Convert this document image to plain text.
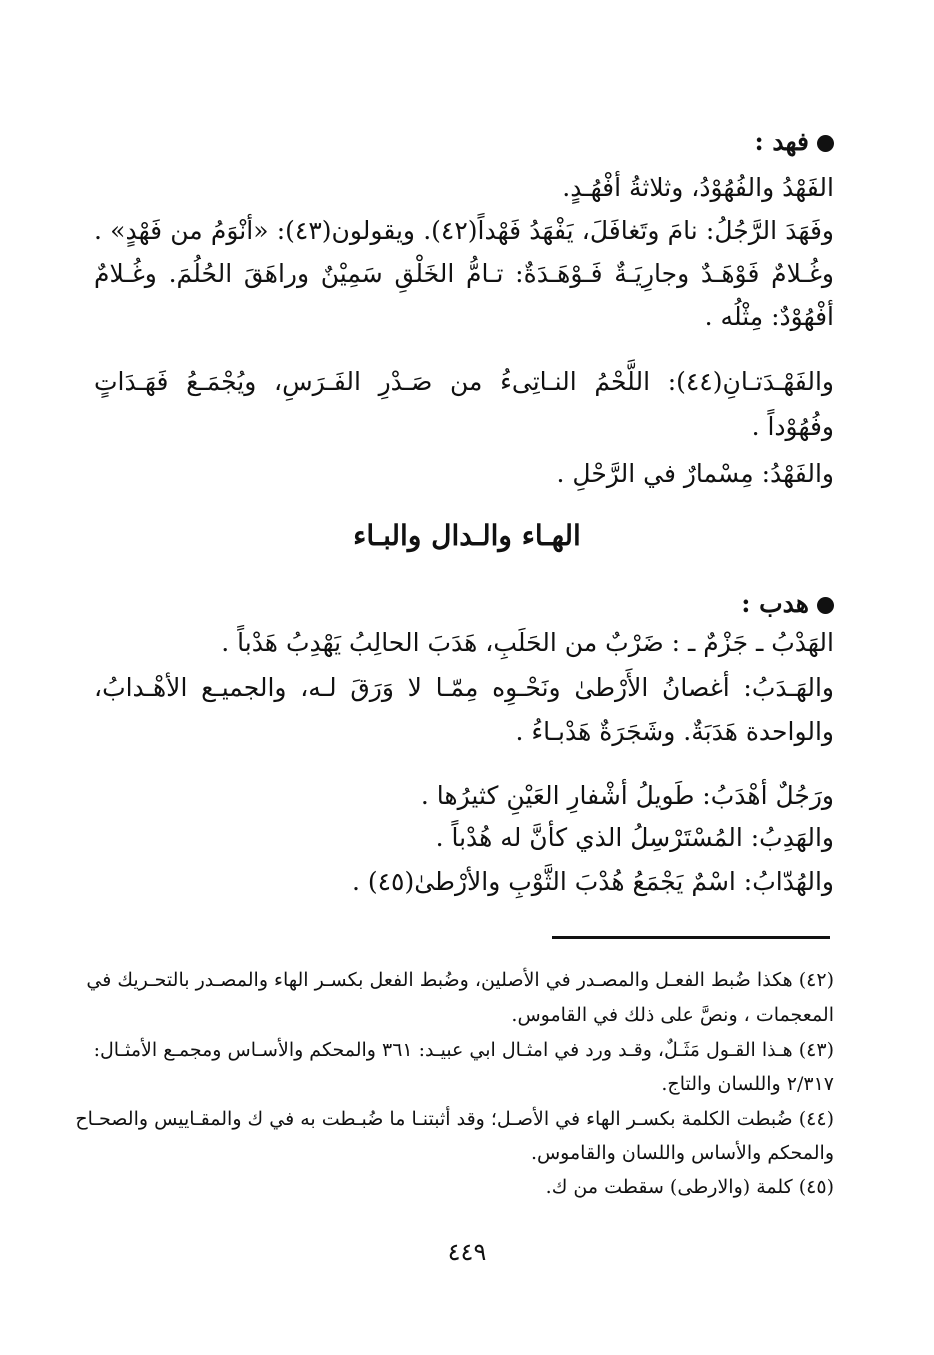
فهد :
الفَهْدُ والفُهُوْدُ، وثلاثةُ أفْهُـدٍ.
وفَهَدَ الرَّجُلُ: نامَ وتَغافَلَ، يَفْهَدُ فَهْداً(٤٢). ويقولون(٤٣): «أنْوَمُ من فَهْدٍ» .
وغُـلامٌ فَوْهَـدٌ وجارِيَـةٌ فَـوْهَـدَةٌ: تـامُّ الخَلْقِ سَمِيْنٌ وراهَقَ الحُلُمَ. وغُـلامٌ
أفْهُوْدٌ: مِثْلُه .
والفَهْـدَتـانِ(٤٤): اللَّحْمُ النـاتِىءُ من صَـدْرِ الفَـرَسِ، ويُجْمَـعُ فَهَـدَاتٍ
وفُهُوْداً .
والفَهْدُ: مِسْمارٌ في الرَّحْلِ .
الهـاء والـدال والبـاء
هدب :
الهَدْبُ ـ جَزْمٌ ـ : ضَرْبٌ من الحَلَبِ، هَدَبَ الحالِبُ يَهْدِبُ هَدْباً .
والهَـدَبُ: أغصانُ الأَرْطىٰ ونَحْـوِه مِمّـا لا وَرَقَ لـه، والجميـع الأهْـدابُ،
والواحدة هَدَبَةٌ. وشَجَرَةٌ هَدْبـاءُ .
ورَجُلٌ أهْدَبُ: طَويلُ أشْفارِ العَيْنِ كثيرُها .
والهَدِبُ: المُسْتَرْسِلُ الذي كأنَّ له هُدْباً .
والهُدّابُ: اسْمٌ يَجْمَعُ هُدْبَ الثَّوْبِ والأرْطىٰ(٤٥) .
(٤٢) هكذا ضُبط الفعـل والمصـدر في الأصلين، وضُبط الفعل بكسـر الهاء والمصـدر بالتحـريك في
المعجمات ، ونصَّ على ذلك في القاموس.
(٤٣) هـذا القـول مَثَـلٌ، وقـد ورد في امثـال ابي عبيـد: ٣٦١ والمحكم والأسـاس ومجمـع الأمثـال:
٢/٣١٧ واللسان والتاج.
(٤٤) ضُبطت الكلمة بكسـر الهاء في الأصـل؛ وقد أثبتنـا ما ضُبـطت به في ك والمقـاييس والصحـاح
والمحكم والأساس واللسان والقاموس.
(٤٥) كلمة (والارطى) سقطت من ك.
٤٤٩
